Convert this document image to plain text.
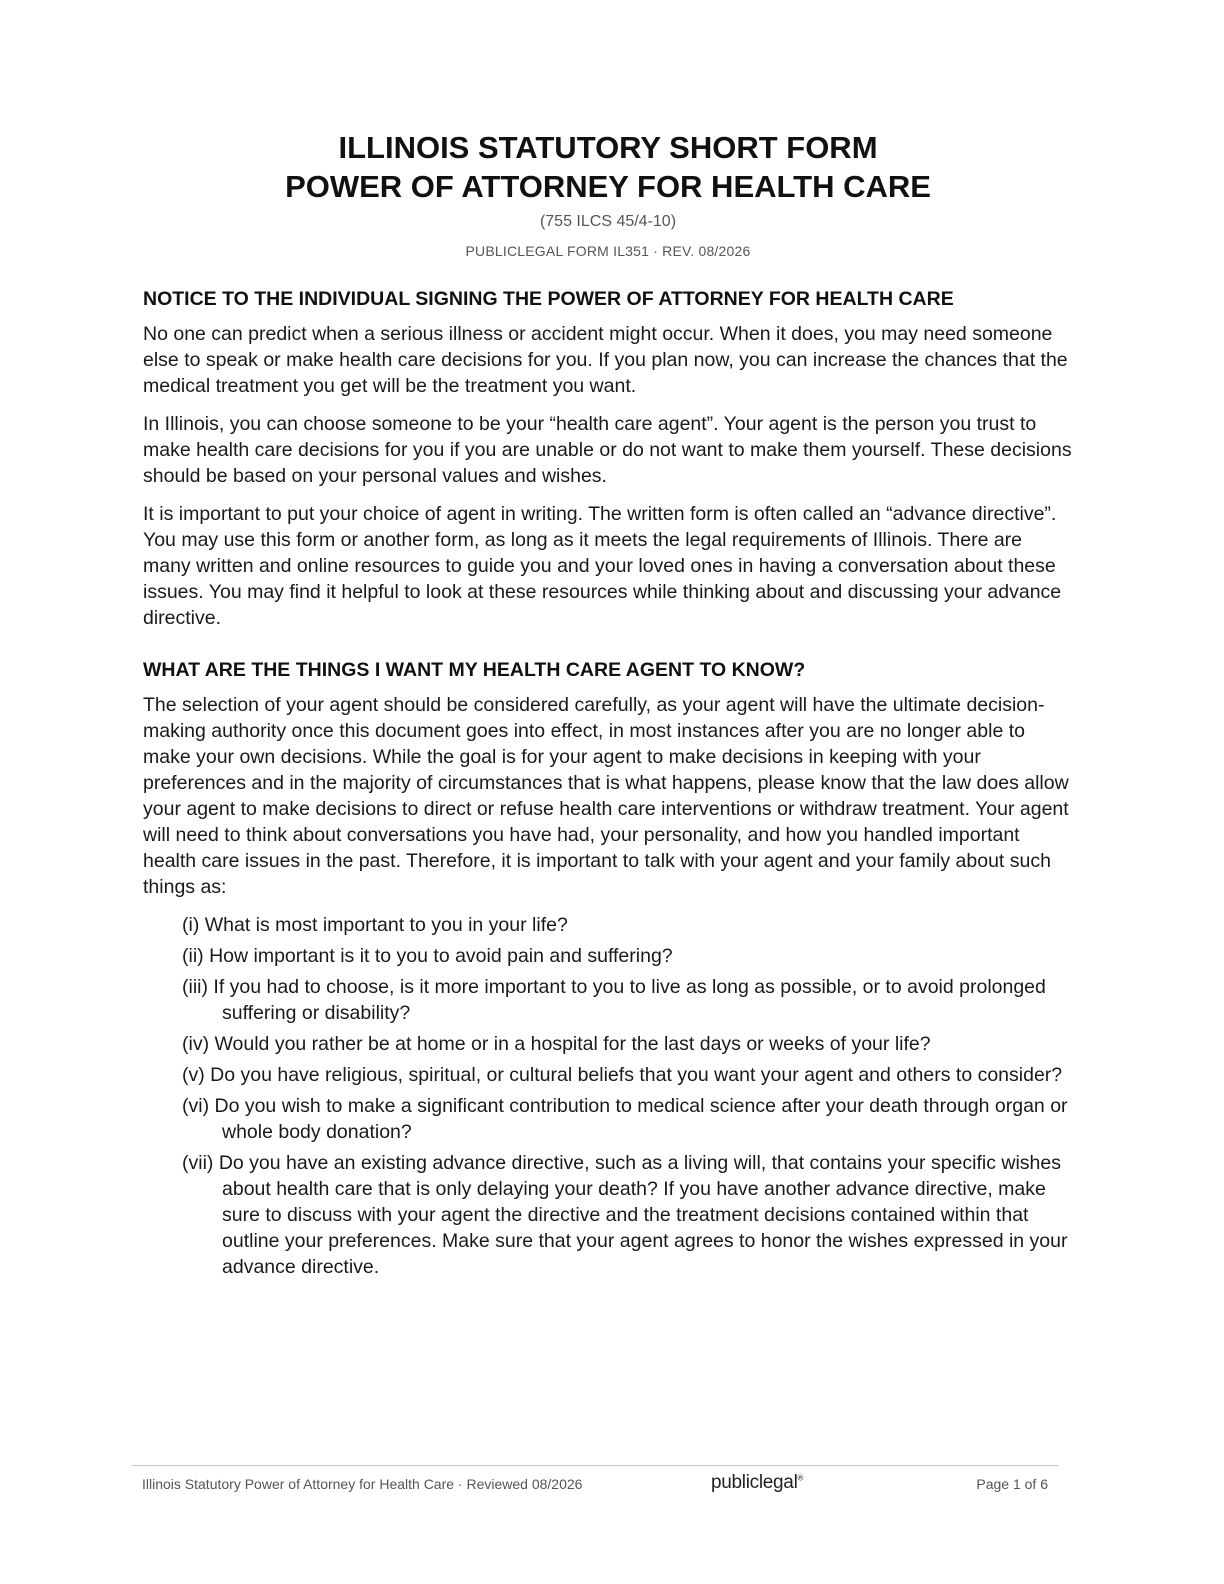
ILLINOIS STATUTORY SHORT FORM
POWER OF ATTORNEY FOR HEALTH CARE
(755 ILCS 45/4-10)
PUBLICLEGAL FORM IL351 · REV. 08/2026
NOTICE TO THE INDIVIDUAL SIGNING THE POWER OF ATTORNEY FOR HEALTH CARE

No one can predict when a serious illness or accident might occur. When it does, you may need someone else to speak or make health care decisions for you. If you plan now, you can increase the chances that the medical treatment you get will be the treatment you want.

In Illinois, you can choose someone to be your “health care agent”. Your agent is the person you trust to make health care decisions for you if you are unable or do not want to make them yourself. These decisions should be based on your personal values and wishes.

It is important to put your choice of agent in writing. The written form is often called an “advance directive”. You may use this form or another form, as long as it meets the legal requirements of Illinois. There are many written and online resources to guide you and your loved ones in having a conversation about these issues. You may find it helpful to look at these resources while thinking about and discussing your advance directive.

WHAT ARE THE THINGS I WANT MY HEALTH CARE AGENT TO KNOW?

The selection of your agent should be considered carefully, as your agent will have the ultimate decision-making authority once this document goes into effect, in most instances after you are no longer able to make your own decisions. While the goal is for your agent to make decisions in keeping with your preferences and in the majority of circumstances that is what happens, please know that the law does allow your agent to make decisions to direct or refuse health care interventions or withdraw treatment. Your agent will need to think about conversations you have had, your personality, and how you handled important health care issues in the past. Therefore, it is important to talk with your agent and your family about such things as:

(i) What is most important to you in your life?
(ii) How important is it to you to avoid pain and suffering?
(iii) If you had to choose, is it more important to you to live as long as possible, or to avoid prolonged suffering or disability?
(iv) Would you rather be at home or in a hospital for the last days or weeks of your life?
(v) Do you have religious, spiritual, or cultural beliefs that you want your agent and others to consider?
(vi) Do you wish to make a significant contribution to medical science after your death through organ or whole body donation?
(vii) Do you have an existing advance directive, such as a living will, that contains your specific wishes about health care that is only delaying your death? If you have another advance directive, make sure to discuss with your agent the directive and the treatment decisions contained within that outline your preferences. Make sure that your agent agrees to honor the wishes expressed in your advance directive.
Illinois Statutory Power of Attorney for Health Care · Reviewed 08/2026	publiclegal®	Page 1 of 6
